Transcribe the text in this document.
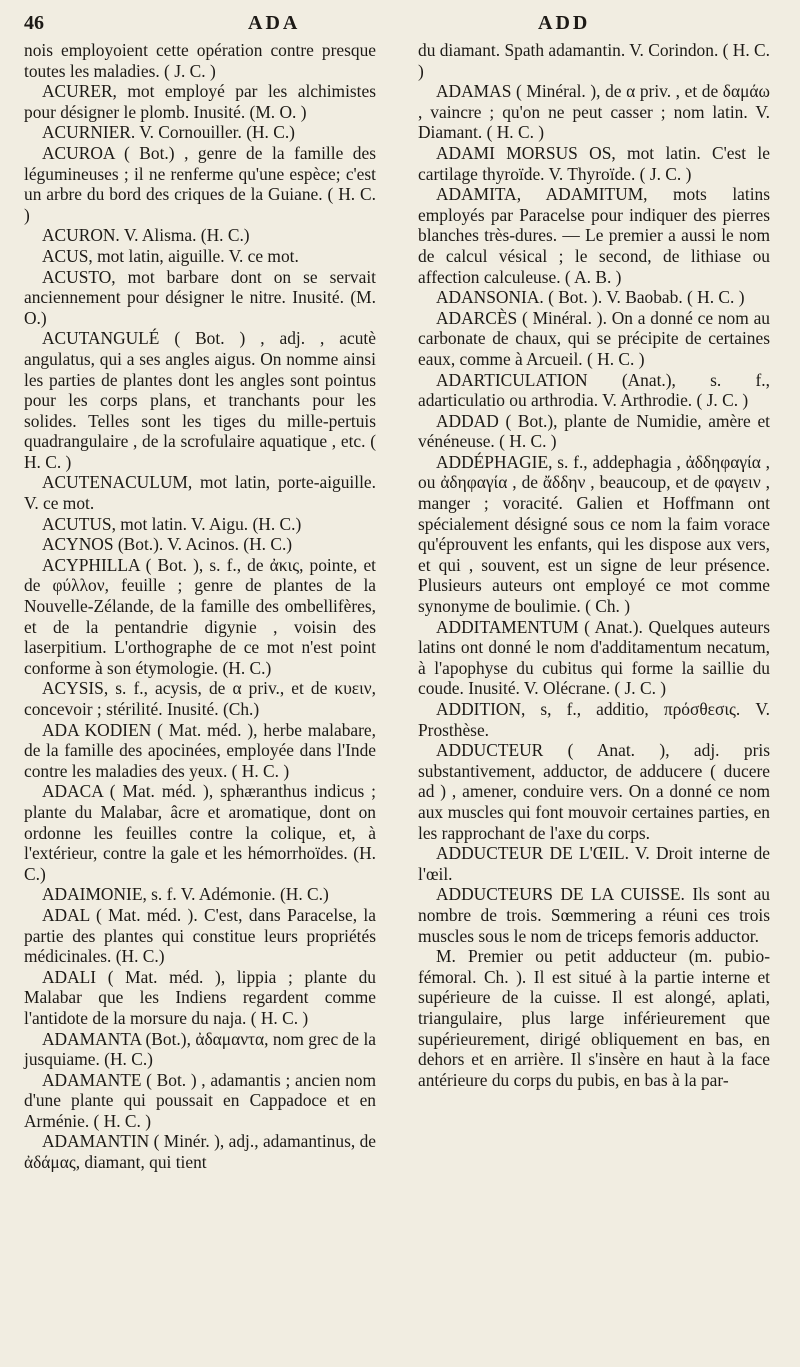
46	ADA	ADD

nois employoient cette opération contre presque toutes les maladies. ( J. C. )

ACURER, mot employé par les alchimistes pour désigner le plomb. Inusité. (M. O. )

ACURNIER. V. Cornouiller. (H. C.)

ACUROA ( Bot.) , genre de la famille des légumineuses ; il ne renferme qu'une espèce; c'est un arbre du bord des criques de la Guiane. ( H. C. )

ACURON. V. Alisma. (H. C.)

ACUS, mot latin, aiguille. V. ce mot.

ACUSTO, mot barbare dont on se servait anciennement pour désigner le nitre. Inusité. (M. O.)

ACUTANGULÉ ( Bot. ) , adj. , acutè angulatus, qui a ses angles aigus. On nomme ainsi les parties de plantes dont les angles sont pointus pour les corps plans, et tranchants pour les solides. Telles sont les tiges du mille-pertuis quadrangulaire , de la scrofulaire aquatique , etc. ( H. C. )

ACUTENACULUM, mot latin, porte-aiguille. V. ce mot.

ACUTUS, mot latin. V. Aigu. (H. C.)

ACYNOS (Bot.). V. Acinos. (H. C.)

ACYPHILLA ( Bot. ), s. f., de ἀκις, pointe, et de φύλλον, feuille ; genre de plantes de la Nouvelle-Zélande, de la famille des ombellifères, et de la pentandrie digynie , voisin des laserpitium. L'orthographe de ce mot n'est point conforme à son étymologie. (H. C.)

ACYSIS, s. f., acysis, de α priv., et de κυειν, concevoir ; stérilité. Inusité. (Ch.)

ADA KODIEN ( Mat. méd. ), herbe malabare, de la famille des apocinées, employée dans l'Inde contre les maladies des yeux. ( H. C. )

ADACA ( Mat. méd. ), sphæranthus indicus ; plante du Malabar, âcre et aromatique, dont on ordonne les feuilles contre la colique, et, à l'extérieur, contre la gale et les hémorrhoïdes. (H. C.)

ADAIMONIE, s. f. V. Adémonie. (H. C.)

ADAL ( Mat. méd. ). C'est, dans Paracelse, la partie des plantes qui constitue leurs propriétés médicinales. (H. C.)

ADALI ( Mat. méd. ), lippia ; plante du Malabar que les Indiens regardent comme l'antidote de la morsure du naja. ( H. C. )

ADAMANTA (Bot.), ἀδαμαντα, nom grec de la jusquiame. (H. C.)

ADAMANTE ( Bot. ) , adamantis ; ancien nom d'une plante qui poussait en Cappadoce et en Arménie. ( H. C. )

ADAMANTIN ( Minér. ), adj., adamantinus, de ἀδάμας, diamant, qui tient

du diamant. Spath adamantin. V. Corindon. ( H. C. )

ADAMAS ( Minéral. ), de α priv. , et de δαμάω , vaincre ; qu'on ne peut casser ; nom latin. V. Diamant. ( H. C. )

ADAMI MORSUS OS, mot latin. C'est le cartilage thyroïde. V. Thyroïde. ( J. C. )

ADAMITA, ADAMITUM, mots latins employés par Paracelse pour indiquer des pierres blanches très-dures. — Le premier a aussi le nom de calcul vésical ; le second, de lithiase ou affection calculeuse. ( A. B. )

ADANSONIA. ( Bot. ). V. Baobab. ( H. C. )

ADARCÈS ( Minéral. ). On a donné ce nom au carbonate de chaux, qui se précipite de certaines eaux, comme à Arcueil. ( H. C. )

ADARTICULATION (Anat.), s. f., adarticulatio ou arthrodia. V. Arthrodie. ( J. C. )

ADDAD ( Bot.), plante de Numidie, amère et vénéneuse. ( H. C. )

ADDÉPHAGIE, s. f., addephagia , ἀδδηφαγία , ou ἀδηφαγία , de ἄδδην , beaucoup, et de φαγειν , manger ; voracité. Galien et Hoffmann ont spécialement désigné sous ce nom la faim vorace qu'éprouvent les enfants, qui les dispose aux vers, et qui , souvent, est un signe de leur présence. Plusieurs auteurs ont employé ce mot comme synonyme de boulimie. ( Ch. )

ADDITAMENTUM ( Anat.). Quelques auteurs latins ont donné le nom d'additamentum necatum, à l'apophyse du cubitus qui forme la saillie du coude. Inusité. V. Olécrane. ( J. C. )

ADDITION, s, f., additio, πρόσθεσις. V. Prosthèse.

ADDUCTEUR ( Anat. ), adj. pris substantivement, adductor, de adducere ( ducere ad ) , amener, conduire vers. On a donné ce nom aux muscles qui font mouvoir certaines parties, en les rapprochant de l'axe du corps.

ADDUCTEUR DE L'ŒIL. V. Droit interne de l'œil.

ADDUCTEURS DE LA CUISSE. Ils sont au nombre de trois. Sœmmering a réuni ces trois muscles sous le nom de triceps femoris adductor.

M. Premier ou petit adducteur (m. pubio-fémoral. Ch. ). Il est situé à la partie interne et supérieure de la cuisse. Il est alongé, aplati, triangulaire, plus large inférieurement que supérieurement, dirigé obliquement en bas, en dehors et en arrière. Il s'insère en haut à la face antérieure du corps du pubis, en bas à la par-
